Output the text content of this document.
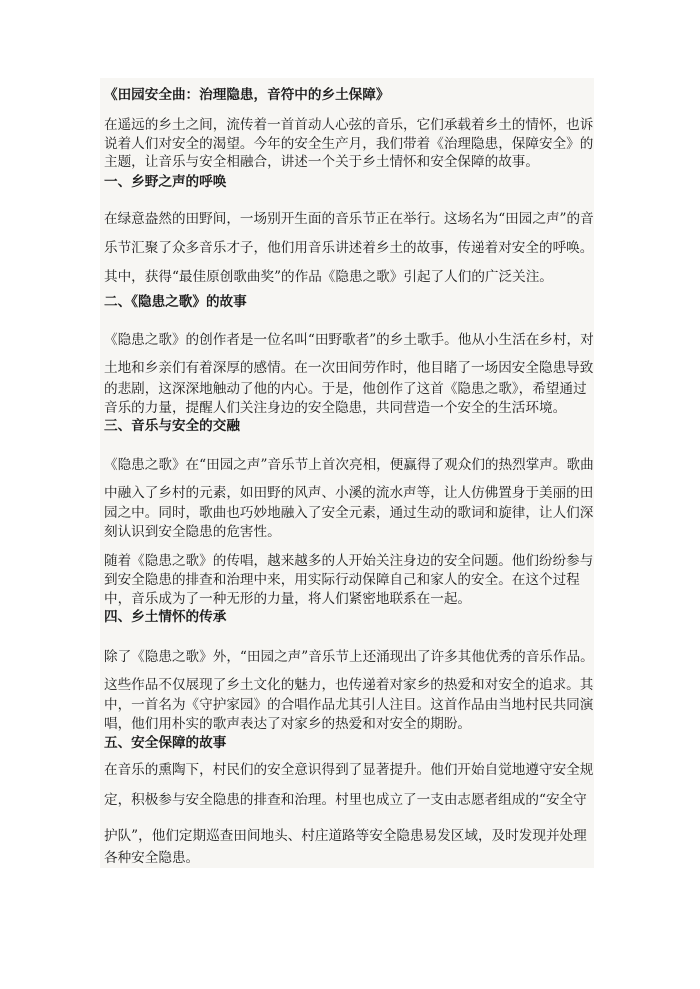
《田园安全曲：治理隐患，音符中的乡土保障》
在遥远的乡土之间，流传着一首首动人心弦的音乐，它们承载着乡土的情怀，也诉
说着人们对安全的渴望。今年的安全生产月，我们带着《治理隐患，保障安全》的
主题，让音乐与安全相融合，讲述一个关于乡土情怀和安全保障的故事。
一、乡野之声的呼唤
在绿意盎然的田野间，一场别开生面的音乐节正在举行。这场名为“田园之声”的音
乐节汇聚了众多音乐才子，他们用音乐讲述着乡土的故事，传递着对安全的呼唤。
其中，获得“最佳原创歌曲奖”的作品《隐患之歌》引起了人们的广泛关注。
二、《隐患之歌》的故事
《隐患之歌》的创作者是一位名叫“田野歌者”的乡土歌手。他从小生活在乡村，对
土地和乡亲们有着深厚的感情。在一次田间劳作时，他目睹了一场因安全隐患导致
的悲剧，这深深地触动了他的内心。于是，他创作了这首《隐患之歌》，希望通过
音乐的力量，提醒人们关注身边的安全隐患，共同营造一个安全的生活环境。
三、音乐与安全的交融
《隐患之歌》在“田园之声”音乐节上首次亮相，便赢得了观众们的热烈掌声。歌曲
中融入了乡村的元素，如田野的风声、小溪的流水声等，让人仿佛置身于美丽的田
园之中。同时，歌曲也巧妙地融入了安全元素，通过生动的歌词和旋律，让人们深
刻认识到安全隐患的危害性。
随着《隐患之歌》的传唱，越来越多的人开始关注身边的安全问题。他们纷纷参与
到安全隐患的排查和治理中来，用实际行动保障自己和家人的安全。在这个过程
中，音乐成为了一种无形的力量，将人们紧密地联系在一起。
四、乡土情怀的传承
除了《隐患之歌》外，“田园之声”音乐节上还涌现出了许多其他优秀的音乐作品。
这些作品不仅展现了乡土文化的魅力，也传递着对家乡的热爱和对安全的追求。其
中，一首名为《守护家园》的合唱作品尤其引人注目。这首作品由当地村民共同演
唱，他们用朴实的歌声表达了对家乡的热爱和对安全的期盼。
五、安全保障的故事
在音乐的熏陶下，村民们的安全意识得到了显著提升。他们开始自觉地遵守安全规
定，积极参与安全隐患的排查和治理。村里也成立了一支由志愿者组成的“安全守
护队”，他们定期巡查田间地头、村庄道路等安全隐患易发区域，及时发现并处理
各种安全隐患。
